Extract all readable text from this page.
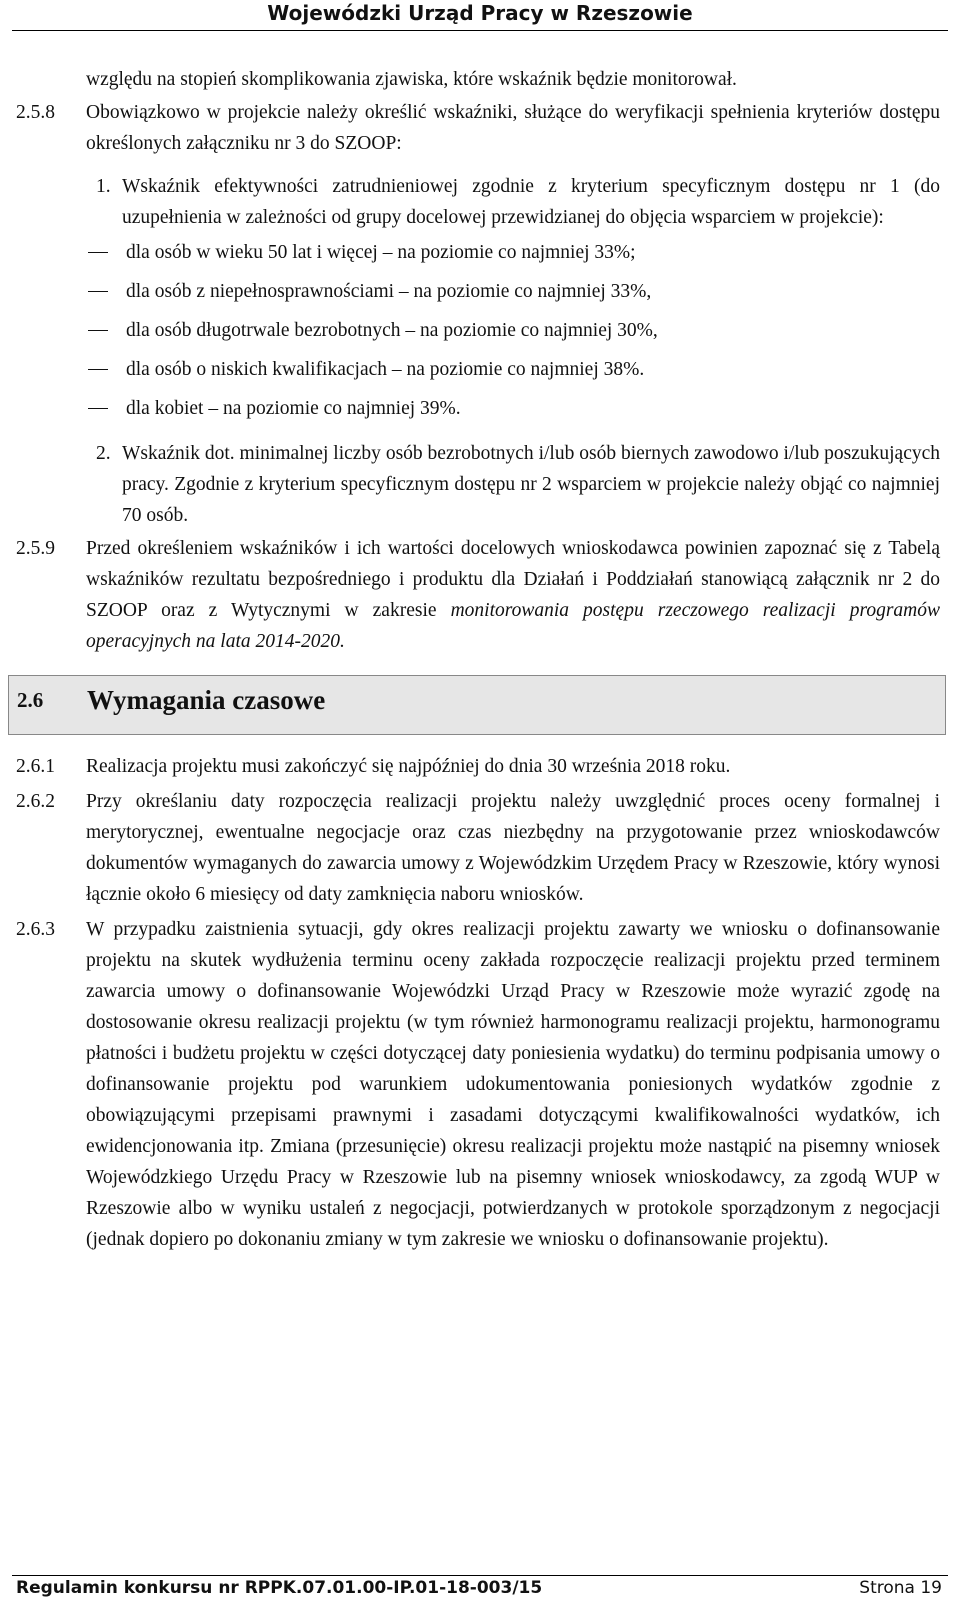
Wojewódzki Urząd Pracy w Rzeszowie
względu na stopień skomplikowania zjawiska, które wskaźnik będzie monitorował.
2.5.8 Obowiązkowo w projekcie należy określić wskaźniki, służące do weryfikacji spełnienia kryteriów dostępu określonych załączniku nr 3 do SZOOP:
1. Wskaźnik efektywności zatrudnieniowej zgodnie z kryterium specyficznym dostępu nr 1 (do uzupełnienia w zależności od grupy docelowej przewidzianej do objęcia wsparciem w projekcie):
dla osób w wieku 50 lat i więcej – na poziomie co najmniej 33%;
dla osób z niepełnosprawnościami – na poziomie co najmniej 33%,
dla osób długotrwale bezrobotnych – na poziomie co najmniej 30%,
dla osób o niskich kwalifikacjach – na poziomie co najmniej 38%.
dla kobiet – na poziomie co najmniej 39%.
2. Wskaźnik dot. minimalnej liczby osób bezrobotnych i/lub osób biernych zawodowo i/lub poszukujących pracy. Zgodnie z kryterium specyficznym dostępu nr 2 wsparciem w projekcie należy objąć co najmniej 70 osób.
2.5.9 Przed określeniem wskaźników i ich wartości docelowych wnioskodawca powinien zapoznać się z Tabelą wskaźników rezultatu bezpośredniego i produktu dla Działań i Poddziałań stanowiącą załącznik nr 2 do SZOOP oraz z Wytycznymi w zakresie monitorowania postępu rzeczowego realizacji programów operacyjnych na lata 2014-2020.
2.6 Wymagania czasowe
2.6.1 Realizacja projektu musi zakończyć się najpóźniej do dnia 30 września 2018 roku.
2.6.2 Przy określaniu daty rozpoczęcia realizacji projektu należy uwzględnić proces oceny formalnej i merytorycznej, ewentualne negocjacje oraz czas niezbędny na przygotowanie przez wnioskodawców dokumentów wymaganych do zawarcia umowy z Wojewódzkim Urzędem Pracy w Rzeszowie, który wynosi łącznie około 6 miesięcy od daty zamknięcia naboru wniosków.
2.6.3 W przypadku zaistnienia sytuacji, gdy okres realizacji projektu zawarty we wniosku o dofinansowanie projektu na skutek wydłużenia terminu oceny zakłada rozpoczęcie realizacji projektu przed terminem zawarcia umowy o dofinansowanie Wojewódzki Urząd Pracy w Rzeszowie może wyrazić zgodę na dostosowanie okresu realizacji projektu (w tym również harmonogramu realizacji projektu, harmonogramu płatności i budżetu projektu w części dotyczącej daty poniesienia wydatku) do terminu podpisania umowy o dofinansowanie projektu pod warunkiem udokumentowania poniesionych wydatków zgodnie z obowiązującymi przepisami prawnymi i zasadami dotyczącymi kwalifikowalności wydatków, ich ewidencjonowania itp. Zmiana (przesunięcie) okresu realizacji projektu może nastąpić na pisemny wniosek Wojewódzkiego Urzędu Pracy w Rzeszowie lub na pisemny wniosek wnioskodawcy, za zgodą WUP w Rzeszowie albo w wyniku ustaleń z negocjacji, potwierdzanych w protokole sporządzonym z negocjacji (jednak dopiero po dokonaniu zmiany w tym zakresie we wniosku o dofinansowanie projektu).
Regulamin konkursu nr RPPK.07.01.00-IP.01-18-003/15	Strona 19
